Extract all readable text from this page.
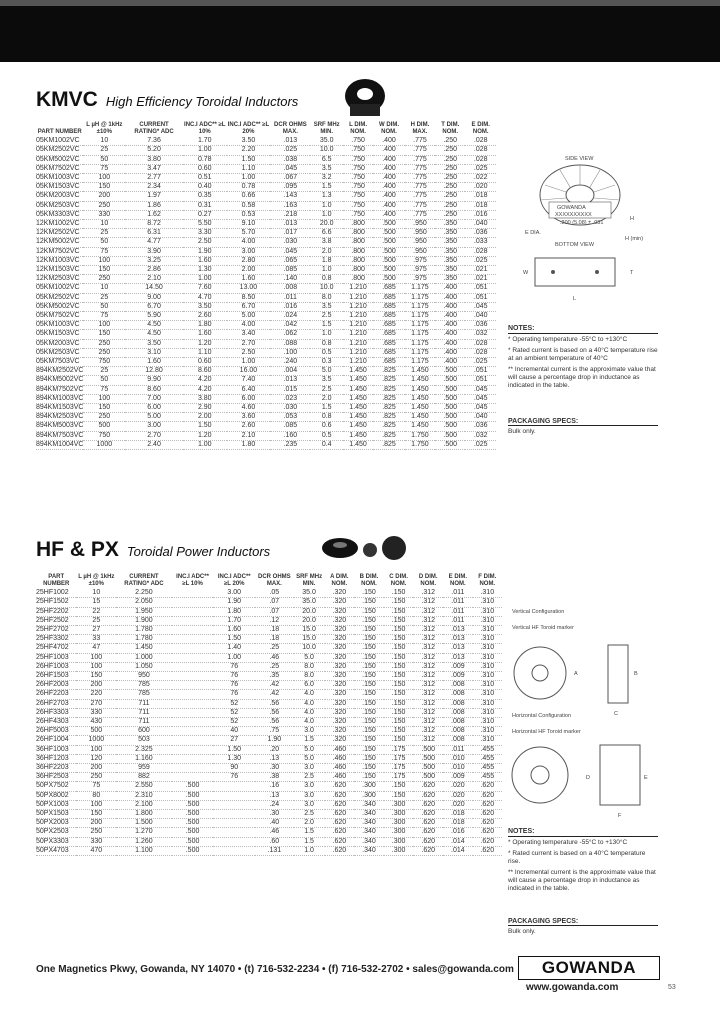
KMVC High Efficiency Toroidal Inductors
PART NUMBER	L µH @ 1kHz ±10%	CURRENT RATING* ADC	INC.I ADC** ≥L 10%	INC.I ADC** ≥L 20%	DCR OHMS MAX.	SRF MHz MIN.	L DIM. NOM.	W DIM. NOM.	H DIM. MAX.	T DIM. NOM.	E DIM. NOM.
05KM1002VC	10	7.36	1.70	3.50	.013	35.0	.750	.400	.775	.250	.028
05KM2502VC	25	5.20	1.00	2.20	.025	10.0	.750	.400	.775	.250	.028
05KM5002VC	50	3.80	0.78	1.50	.038	6.5	.750	.400	.775	.250	.028
05KM7502VC	75	3.47	0.60	1.10	.045	3.5	.750	.400	.775	.250	.025
05KM1003VC	100	2.77	0.51	1.00	.067	3.2	.750	.400	.775	.250	.022
05KM1503VC	150	2.34	0.40	0.78	.095	1.5	.750	.400	.775	.250	.020
05KM2003VC	200	1.97	0.35	0.66	.143	1.3	.750	.400	.775	.250	.018
05KM2503VC	250	1.86	0.31	0.58	.163	1.0	.750	.400	.775	.250	.018
05KM3303VC	330	1.62	0.27	0.53	.218	1.0	.750	.400	.775	.250	.016
12KM1002VC	10	8.72	5.50	9.10	.013	20.0	.800	.500	.950	.350	.040
12KM2502VC	25	6.31	3.30	5.70	.017	6.6	.800	.500	.950	.350	.036
12KM5002VC	50	4.77	2.50	4.00	.030	3.8	.800	.500	.950	.350	.033
12KM7502VC	75	3.90	1.90	3.00	.045	2.0	.800	.500	.950	.350	.028
12KM1003VC	100	3.25	1.60	2.80	.065	1.8	.800	.500	.975	.350	.025
12KM1503VC	150	2.86	1.30	2.00	.085	1.0	.800	.500	.975	.350	.021
12KM2503VC	250	2.10	1.00	1.60	.140	0.8	.800	.500	.975	.350	.021
05KM1002VC	10	14.50	7.60	13.00	.008	10.0	1.210	.685	1.175	.400	.051
05KM2502VC	25	9.00	4.70	8.50	.011	8.0	1.210	.685	1.175	.400	.051
05KM5002VC	50	6.70	3.50	6.70	.016	3.5	1.210	.685	1.175	.400	.045
05KM7502VC	75	5.90	2.60	5.00	.024	2.5	1.210	.685	1.175	.400	.040
05KM1003VC	100	4.50	1.80	4.00	.042	1.5	1.210	.685	1.175	.400	.036
05KM1503VC	150	4.50	1.60	3.40	.062	1.0	1.210	.685	1.175	.400	.032
05KM2003VC	250	3.50	1.20	2.70	.088	0.8	1.210	.685	1.175	.400	.028
05KM2503VC	250	3.10	1.10	2.50	.100	0.5	1.210	.685	1.175	.400	.028
05KM7503VC	750	1.60	0.60	1.00	.240	0.3	1.210	.685	1.175	.400	.025
894KM2502VC	25	12.80	8.60	16.00	.004	5.0	1.450	.825	1.450	.500	.051
894KM5002VC	50	9.90	4.20	7.40	.013	3.5	1.450	.825	1.450	.500	.051
894KM7502VC	75	8.60	4.20	6.40	.015	2.5	1.450	.825	1.450	.500	.045
894KM1003VC	100	7.00	3.80	6.00	.023	2.0	1.450	.825	1.450	.500	.045
894KM1503VC	150	6.00	2.90	4.60	.030	1.5	1.450	.825	1.450	.500	.045
894KM2503VC	250	5.00	2.00	3.60	.053	0.8	1.450	.825	1.450	.500	.040
894KM5003VC	500	3.00	1.50	2.60	.085	0.6	1.450	.825	1.450	.500	.036
894KM7503VC	750	2.70	1.20	2.10	.160	0.5	1.450	.825	1.750	.500	.032
894KM1004VC	1000	2.40	1.00	1.80	.235	0.4	1.450	.825	1.750	.500	.025
SIDE VIEW
GOWANDA
XXXXXXXXXX
E DIA.
.200 (5.08) ± .031
H (min)
BOTTOM VIEW
W
L
T
H
NOTES:
* Operating temperature -55°C to +130°C
* Rated current is based on a 40°C temperature rise at an ambient temperature of 40°C
** Incremental current is the approximate value that will cause a percentage drop in inductance as indicated in the table.
PACKAGING SPECS:
Bulk only.
HF & PX Toroidal Power Inductors
PART NUMBER	L µH @ 1kHz ±10%	CURRENT RATING* ADC	INC.I ADC** ≥L 10%	INC.I ADC** ≥L 20%	DCR OHMS MAX.	SRF MHz MIN.	A DIM. NOM.	B DIM. NOM.	C DIM. NOM.	D DIM. NOM.	E DIM. NOM.	F DIM. NOM.
25HF1002	10	2.250		3.00	.05	35.0	.320	.150	.150	.312	.011	.310
25HF1502	15	2.050		1.90	.07	35.0	.320	.150	.150	.312	.011	.310
25HF2202	22	1.950		1.80	.07	20.0	.320	.150	.150	.312	.011	.310
25HF2502	25	1.900		1.70	.12	20.0	.320	.150	.150	.312	.011	.310
25HF2702	27	1.780		1.60	.18	15.0	.320	.150	.150	.312	.013	.310
25HF3302	33	1.780		1.50	.18	15.0	.320	.150	.150	.312	.013	.310
25HF4702	47	1.450		1.40	.25	10.0	.320	.150	.150	.312	.013	.310
25HF1003	100	1.000		1.00	.46	5.0	.320	.150	.150	.312	.013	.310
26HF1003	100	1.050		76	.25	8.0	.320	.150	.150	.312	.009	.310
26HF1503	150	950		76	.35	8.0	.320	.150	.150	.312	.009	.310
26HF2003	200	785		76	.42	6.0	.320	.150	.150	.312	.008	.310
26HF2203	220	785		76	.42	4.0	.320	.150	.150	.312	.008	.310
26HF2703	270	711		52	.56	4.0	.320	.150	.150	.312	.008	.310
26HF3303	330	711		52	.56	4.0	.320	.150	.150	.312	.008	.310
26HF4303	430	711		52	.56	4.0	.320	.150	.150	.312	.008	.310
26HF5003	500	600		40	.75	3.0	.320	.150	.150	.312	.008	.310
26HF1004	1000	503		27	1.90	1.5	.320	.150	.150	.312	.008	.310
36HF1003	100	2.325		1.50	.20	5.0	.460	.150	.175	.500	.011	.455
36HF1203	120	1.160		1.30	.13	5.0	.460	.150	.175	.500	.010	.455
36HF2203	200	959		90	.30	3.0	.460	.150	.175	.500	.010	.455
36HF2503	250	882		76	.38	2.5	.460	.150	.175	.500	.009	.455
50PX7502	75	2.550	.500		.16	3.0	.620	.300	.150	.620	.020	.620
50PX8002	80	2.310	.500		.13	3.0	.620	.300	.150	.620	.020	.620
50PX1003	100	2.100	.500		.24	3.0	.620	.340	.300	.620	.020	.620
50PX1503	150	1.800	.500		.30	2.5	.620	.340	.300	.620	.018	.620
50PX2003	200	1.500	.500		.40	2.0	.620	.340	.300	.620	.018	.620
50PX2503	250	1.270	.500		.46	1.5	.620	.340	.300	.620	.016	.620
50PX3303	330	1.260	.500		.60	1.5	.620	.340	.300	.620	.014	.620
50PX4703	470	1.100	.500		.131	1.0	.620	.340	.300	.620	.014	.620
Vertical Configuration
Vertical HF Toroid marker
A	B
C
Horizontal Configuration
Horizontal HF Toroid marker
D	E
F
NOTES:
* Operating temperature -55°C to +130°C
* Rated current is based on a 40°C temperature rise.
** Incremental current is the approximate value that will cause a percentage drop in inductance as indicated in the table.
PACKAGING SPECS:
Bulk only.
One Magnetics Pkwy, Gowanda, NY 14070 • (t) 716-532-2234 • (f) 716-532-2702 • sales@gowanda.com GOWANDA
www.gowanda.com	53
